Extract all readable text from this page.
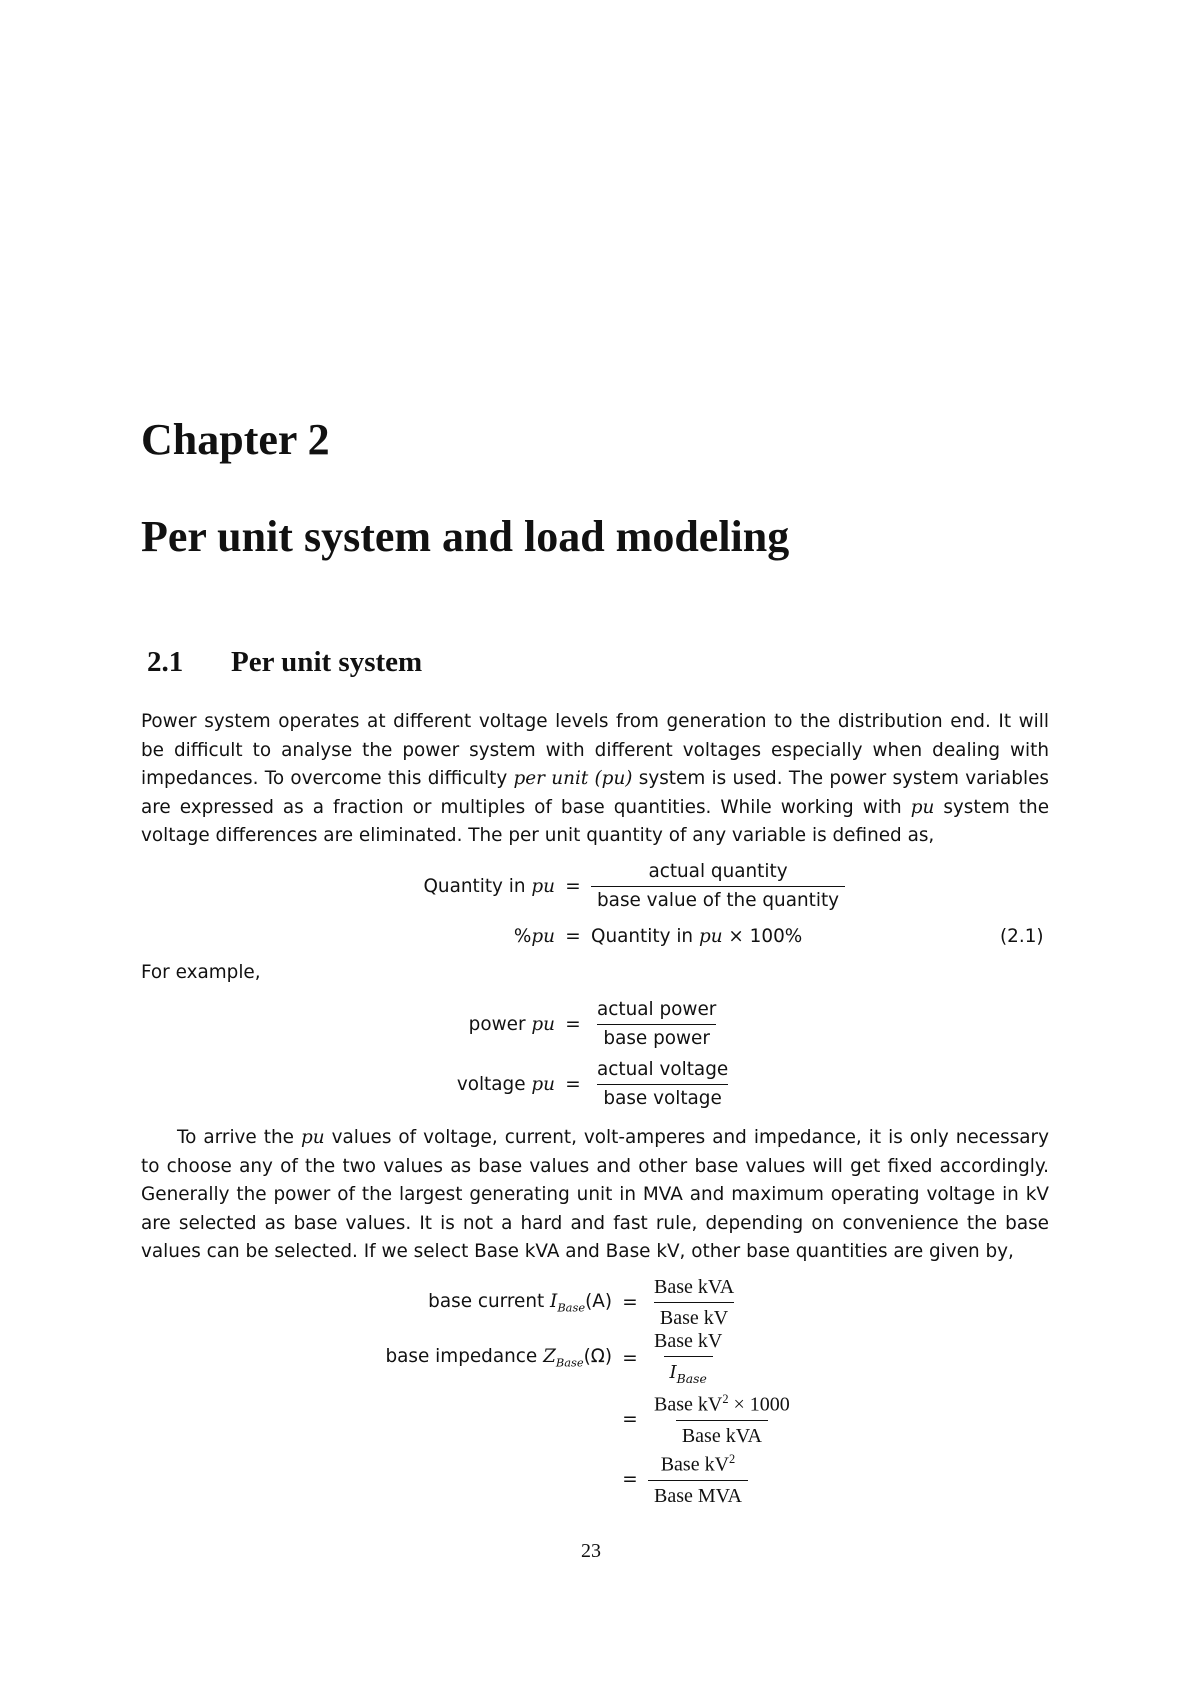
Chapter 2
Per unit system and load modeling
2.1 Per unit system

Power system operates at different voltage levels from generation to the distribution end. It will be difficult to analyse the power system with different voltages especially when dealing with impedances. To overcome this difficulty per unit (pu) system is used. The power system variables are expressed as a fraction or multiples of base quantities. While working with pu system the voltage differences are eliminated. The per unit quantity of any variable is defined as,

Quantity in pu = $\frac{\text{actual quantity}}{\text{base value of the quantity}}$
%pu = Quantity in pu × 100%	(2.1)
For example,
power pu = $\frac{\text{actual power}}{\text{base power}}$
voltage pu = $\frac{\text{actual voltage}}{\text{base voltage}}$

To arrive the pu values of voltage, current, volt-amperes and impedance, it is only necessary to choose any of the two values as base values and other base values will get fixed accordingly. Generally the power of the largest generating unit in MVA and maximum operating voltage in kV are selected as base values. It is not a hard and fast rule, depending on convenience the base values can be selected. If we select Base kVA and Base kV, other base quantities are given by,

base current $I_{Base}(A) = \frac{\text{Base kVA}}{\text{Base kV}}$
base impedance $Z_{Base}(\Omega) = \frac{\text{Base kV}}{I_{Base}}$
= $\frac{Base kV^2 \times 1000}{\text{Base kVA}}$
= $\frac{Base kV^2}{\text{Base MVA}}$
23
